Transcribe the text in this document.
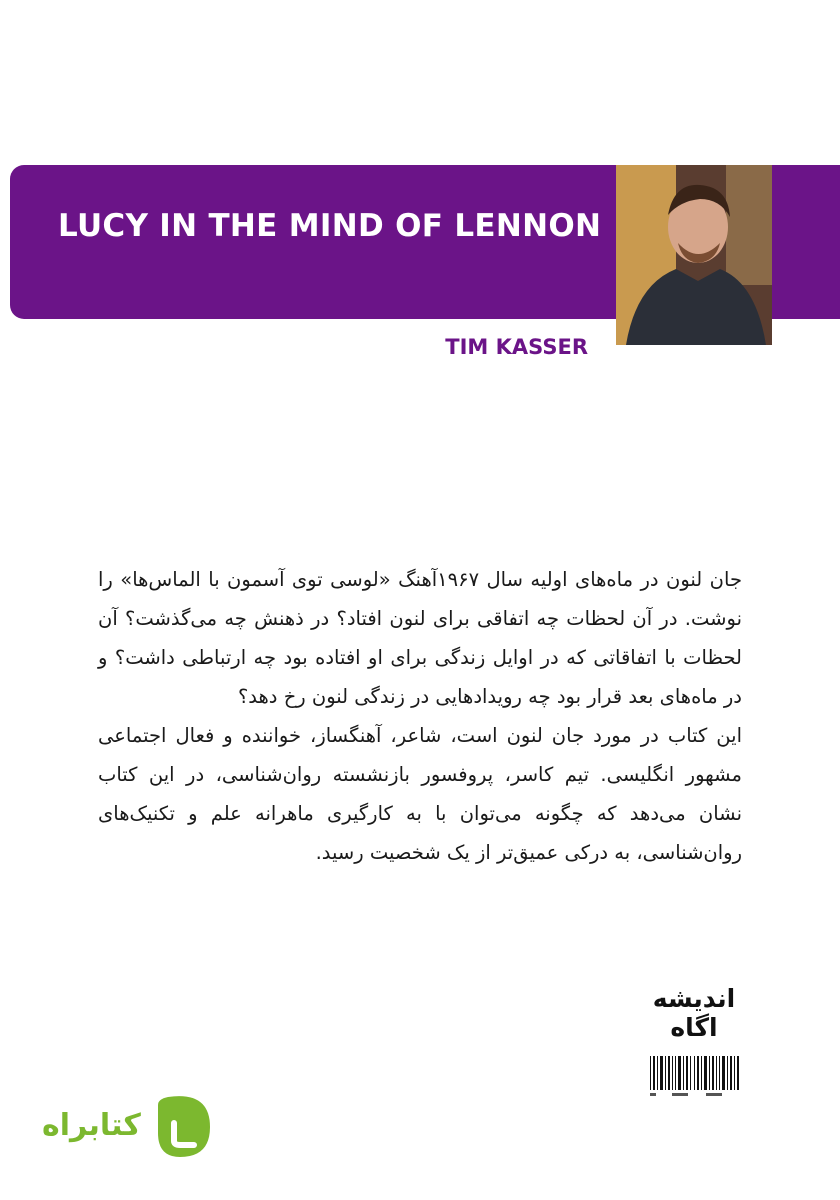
LUCY IN THE MIND OF LENNON
TIM KASSER

جان لنون در ماه‌های اولیه سال ۱۹۶۷آهنگ «لوسی توی آسمون با الماس‌ها» را نوشت. در آن لحظات چه اتفاقی برای لنون افتاد؟ در ذهنش چه می‌گذشت؟ آن لحظات با اتفاقاتی که در اوایل زندگی برای او افتاده بود چه ارتباطی داشت؟ و در ماه‌های بعد قرار بود چه رویدادهایی در زندگی لنون رخ دهد؟

این کتاب در مورد جان لنون است، شاعر، آهنگساز، خواننده و فعال اجتماعی مشهور انگلیسی. تیم کاسر، پروفسور بازنشسته روان‌شناسی، در این کتاب نشان می‌دهد که چگونه می‌توان با به کارگیری ماهرانه علم و تکنیک‌های روان‌شناسی، به درکی عمیق‌تر از یک شخصیت رسید.

اندیشه
اگاه
کتابراه
